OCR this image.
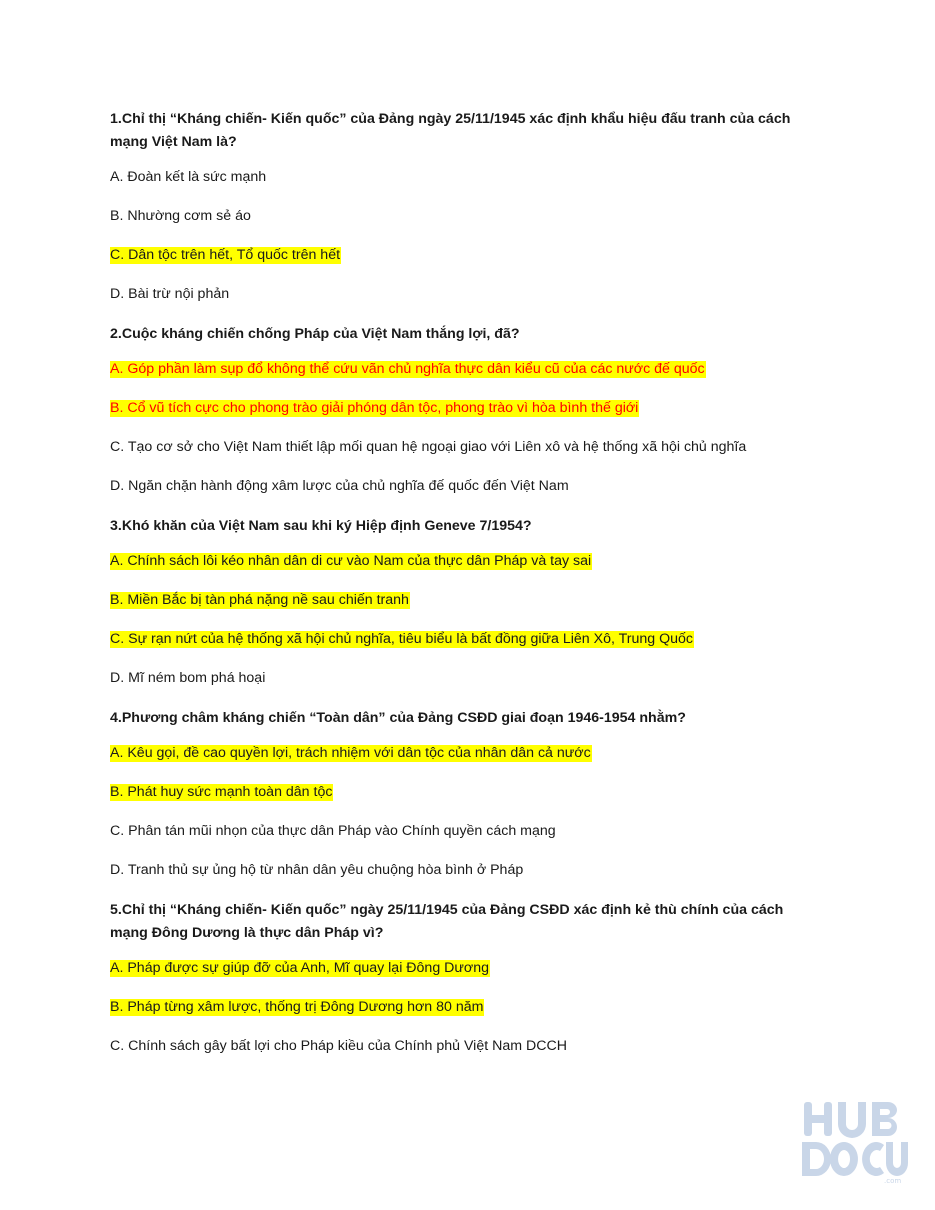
1.Chỉ thị “Kháng chiến- Kiến quốc” của Đảng ngày 25/11/1945 xác định khẩu hiệu đấu tranh của cách mạng Việt Nam là?

A. Đoàn kết là sức mạnh

B. Nhường cơm sẻ áo

C. Dân tộc trên hết, Tổ quốc trên hết

D. Bài trừ nội phản

2.Cuộc kháng chiến chống Pháp của Việt Nam thắng lợi, đã?

A. Góp phần làm sụp đổ không thể cứu vãn chủ nghĩa thực dân kiểu cũ của các nước đế quốc

B. Cổ vũ tích cực cho phong trào giải phóng dân tộc, phong trào vì hòa bình thế giới

C. Tạo cơ sở cho Việt Nam thiết lập mối quan hệ ngoại giao với Liên xô và hệ thống xã hội chủ nghĩa

D. Ngăn chặn hành động xâm lược của chủ nghĩa đế quốc đến Việt Nam

3.Khó khăn của Việt Nam sau khi ký Hiệp định Geneve 7/1954?

A. Chính sách lôi kéo nhân dân di cư vào Nam của thực dân Pháp và tay sai

B. Miền Bắc bị tàn phá nặng nề sau chiến tranh

C. Sự rạn nứt của hệ thống xã hội chủ nghĩa, tiêu biểu là bất đồng giữa Liên Xô, Trung Quốc

D. Mĩ ném bom phá hoại

4.Phương châm kháng chiến “Toàn dân” của Đảng CSĐD giai đoạn 1946-1954 nhằm?

A. Kêu gọi, đề cao quyền lợi, trách nhiệm với dân tộc của nhân dân cả nước

B. Phát huy sức mạnh toàn dân tộc

C. Phân tán mũi nhọn của thực dân Pháp vào Chính quyền cách mạng

D. Tranh thủ sự ủng hộ từ nhân dân yêu chuộng hòa bình ở Pháp

5.Chỉ thị “Kháng chiến- Kiến quốc” ngày 25/11/1945 của Đảng CSĐD xác định kẻ thù chính của cách mạng Đông Dương là thực dân Pháp vì?

A. Pháp được sự giúp đỡ của Anh, Mĩ quay lại Đông Dương

B. Pháp từng xâm lược, thống trị Đông Dương hơn 80 năm

C. Chính sách gây bất lợi cho Pháp kiều của Chính phủ Việt Nam DCCH

.com
